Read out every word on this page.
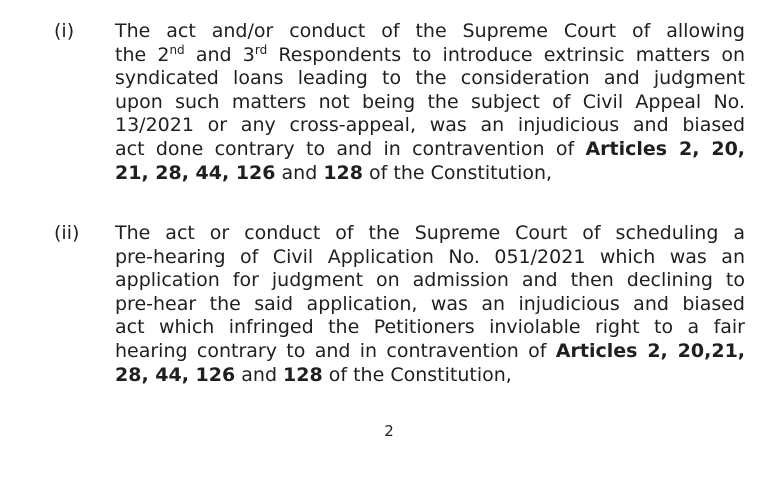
(i) The act and/or conduct of the Supreme Court of allowing
the 2nd and 3rd Respondents to introduce extrinsic matters on
syndicated loans leading to the consideration and judgment
upon such matters not being the subject of Civil Appeal No.
13/2021 or any cross-appeal, was an injudicious and biased
act done contrary to and in contravention of Articles 2, 20,
21, 28, 44, 126 and 128 of the Constitution,
(ii) The act or conduct of the Supreme Court of scheduling a
pre-hearing of Civil Application No. 051/2021 which was an
application for judgment on admission and then declining to
pre-hear the said application, was an injudicious and biased
act which infringed the Petitioners inviolable right to a fair
hearing contrary to and in contravention of Articles 2, 20,21,
28, 44, 126 and 128 of the Constitution,
2
